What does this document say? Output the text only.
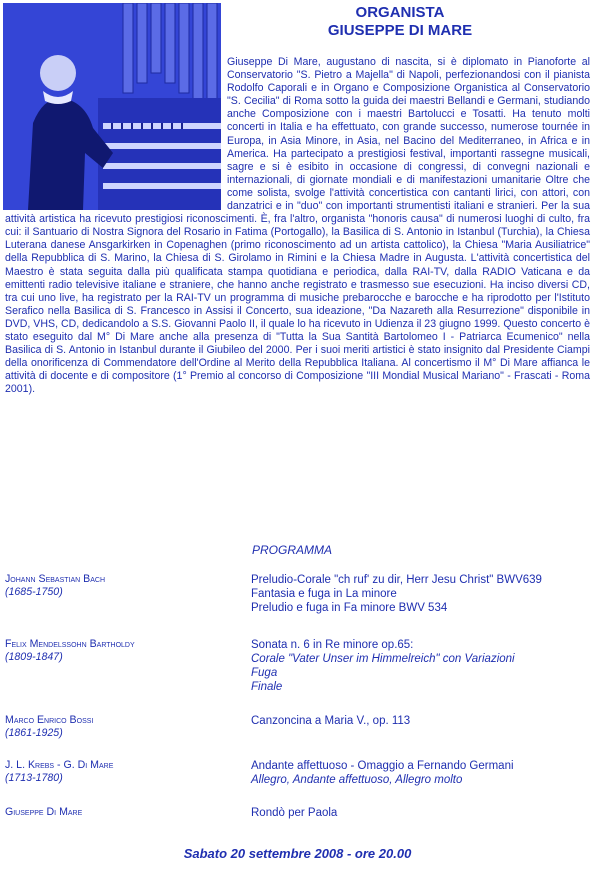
ORGANISTA
GIUSEPPE DI MARE
Giuseppe Di Mare, augustano di nascita, si è diplomato in Pianoforte al Conservatorio "S. Pietro a Majella" di Napoli, perfezionandosi con il pianista Rodolfo Caporali e in Organo e Composizione Organistica al Conservatorio "S. Cecilia" di Roma sotto la guida dei maestri Bellandi e Germani, studiando anche Composizione con i maestri Bartolucci e Tosatti. Ha tenuto molti concerti in Italia e ha effettuato, con grande successo, numerose tournée in Europa, in Asia Minore, in Asia, nel Bacino del Mediterraneo, in Africa e in America. Ha partecipato a prestigiosi festival, importanti rassegne musicali, sagre e si è esibito in occasione di congressi, di convegni nazionali e internazionali, di giornate mondiali e di manifestazioni umanitarie Oltre che come solista, svolge l'attività concertistica con cantanti lirici, con attori, con danzatrici e in "duo" con importanti strumentisti italiani e stranieri. Per la sua attività artistica ha ricevuto prestigiosi riconoscimenti. È, fra l'altro, organista "honoris causa" di numerosi luoghi di culto, fra cui: il Santuario di Nostra Signora del Rosario in Fatima (Portogallo), la Basilica di S. Antonio in Istanbul (Turchia), la Chiesa Luterana danese Ansgarkirken in Copenaghen (primo riconoscimento ad un artista cattolico), la Chiesa "Maria Ausiliatrice" della Repubblica di S. Marino, la Chiesa di S. Girolamo in Rimini e la Chiesa Madre in Augusta. L'attività concertistica del Maestro è stata seguita dalla più qualificata stampa quotidiana e periodica, dalla RAI-TV, dalla RADIO Vaticana e da emittenti radio televisive italiane e straniere, che hanno anche registrato e trasmesso sue esecuzioni. Ha inciso diversi CD, tra cui uno live, ha registrato per la RAI-TV un programma di musiche prebarocche e barocche e ha riprodotto per l'Istituto Serafico nella Basilica di S. Francesco in Assisi il Concerto, sua ideazione, "Da Nazareth alla Resurrezione" disponibile in DVD, VHS, CD, dedicandolo a S.S. Giovanni Paolo II, il quale lo ha ricevuto in Udienza il 23 giugno 1999. Questo concerto è stato eseguito dal M° Di Mare anche alla presenza di "Tutta la Sua Santità Bartolomeo I - Patriarca Ecumenico" nella Basilica di S. Antonio in Istanbul durante il Giubileo del 2000. Per i suoi meriti artistici è stato insignito dal Presidente Ciampi della onorificenza di Commendatore dell'Ordine al Merito della Repubblica Italiana. Al concertismo il M° Di Mare affianca le attività di docente e di compositore (1° Premio al concorso di Composizione "III Mondial Musical Mariano" - Frascati - Roma 2001).
PROGRAMMA
Johann Sebastian Bach
(1685-1750)
Preludio-Corale "ch ruf' zu dir, Herr Jesu Christ" BWV639
Fantasia e fuga in La minore
Preludio e fuga in Fa minore BWV 534
Felix Mendelssohn Bartholdy
(1809-1847)
Sonata n. 6 in Re minore op.65:
Corale "Vater Unser im Himmelreich" con Variazioni
Fuga
Finale
Marco Enrico Bossi
(1861-1925)
Canzoncina a Maria V., op. 113
J. L. Krebs - G. Di Mare
(1713-1780)
Andante affettuoso - Omaggio a Fernando Germani
Allegro, Andante affettuoso, Allegro molto
Giuseppe Di Mare	Rondò per Paola
Sabato 20 settembre 2008 - ore 20.00
